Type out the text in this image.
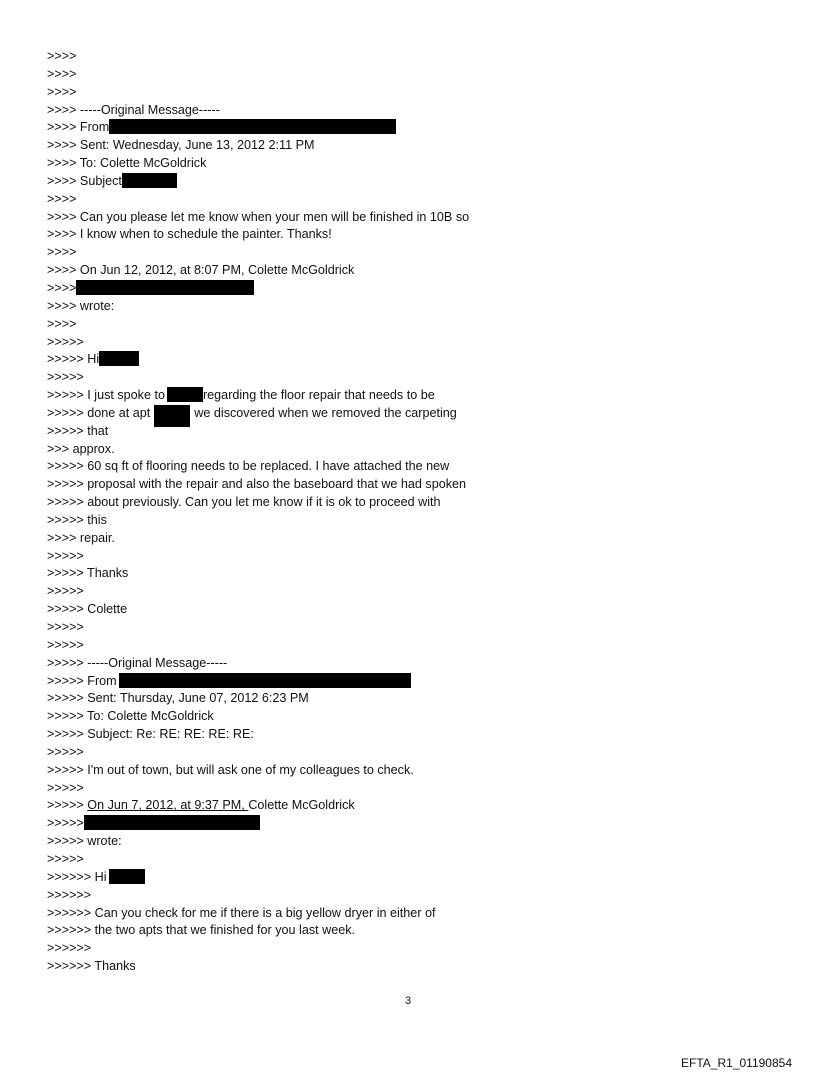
>>>>
>>>>
>>>>
>>>> -----Original Message-----
>>>> From
>>>> Sent: Wednesday, June 13, 2012 2:11 PM
>>>> To: Colette McGoldrick
>>>> Subject
>>>>
>>>> Can you please let me know when your men will be finished in 10B so
>>>> I know when to schedule the painter. Thanks!
>>>>
>>>> On Jun 12, 2012, at 8:07 PM, Colette McGoldrick
>>>>
>>>> wrote:
>>>>
>>>>>
>>>>> Hi
>>>>>
>>>>> I just spoke to	regarding the floor repair that needs to be
>>>>> done at apt	we discovered when we removed the carpeting
>>>>> that
>>> approx.
>>>>> 60 sq ft of flooring needs to be replaced. I have attached the new
>>>>> proposal with the repair and also the baseboard that we had spoken
>>>>> about previously. Can you let me know if it is ok to proceed with
>>>>> this
>>>> repair.
>>>>>
>>>>> Thanks
>>>>>
>>>>> Colette
>>>>>
>>>>>
>>>>> -----Original Message-----
>>>>> From
>>>>> Sent: Thursday, June 07, 2012 6:23 PM
>>>>> To: Colette McGoldrick
>>>>> Subject: Re: RE: RE: RE: RE:
>>>>>
>>>>> I'm out of town, but will ask one of my colleagues to check.
>>>>>
>>>>> On Jun 7, 2012, at 9:37 PM, Colette McGoldrick
>>>>>
>>>>> wrote:
>>>>>
>>>>>> Hi
>>>>>>
>>>>>> Can you check for me if there is a big yellow dryer in either of
>>>>>> the two apts that we finished for you last week.
>>>>>>
>>>>>> Thanks
3
EFTA_R1_01190854
